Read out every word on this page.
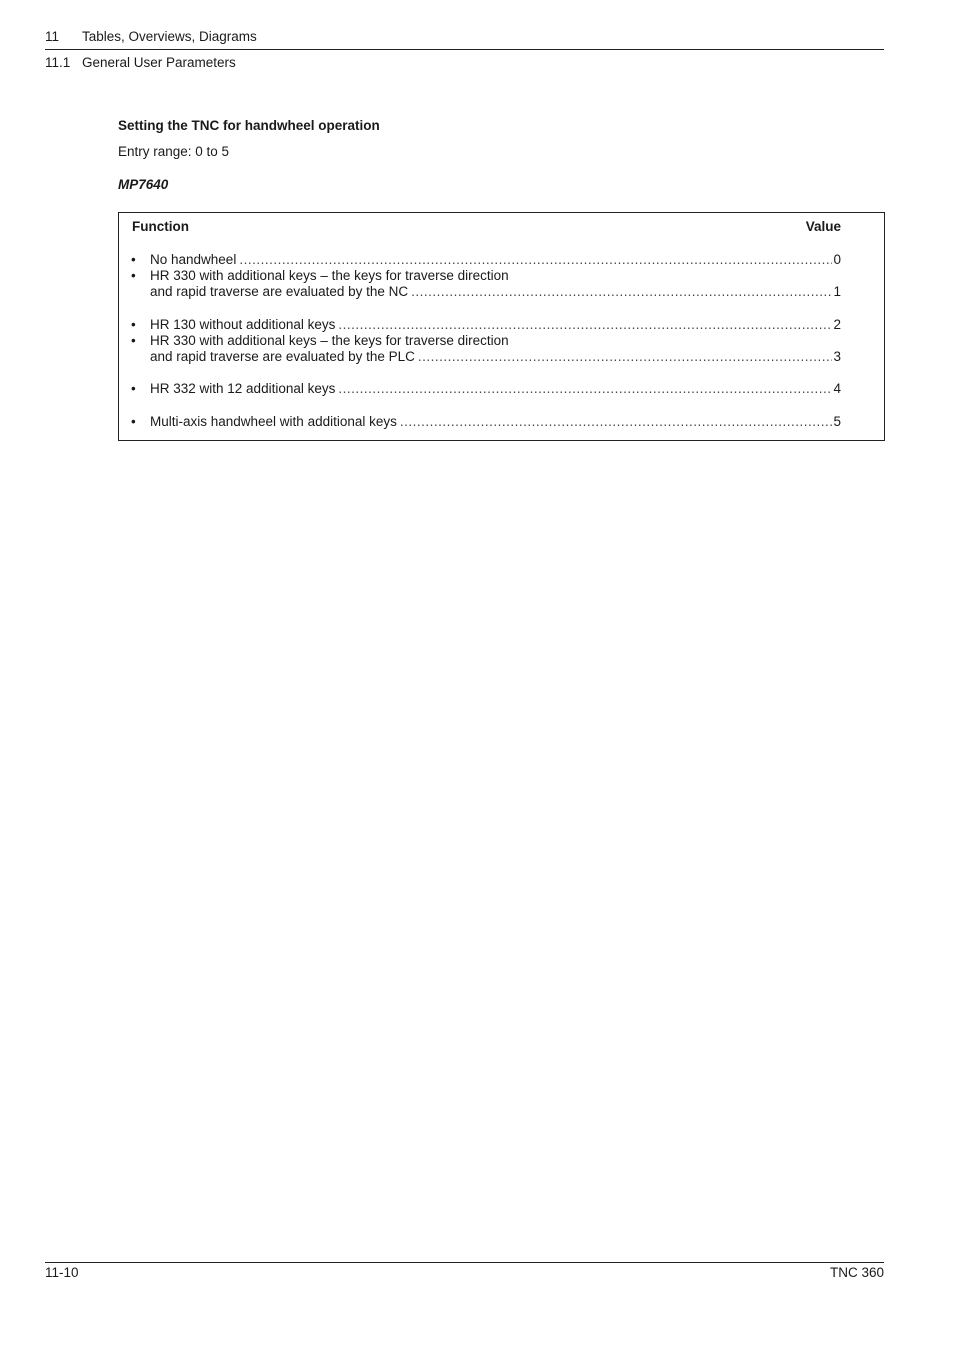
11 Tables, Overviews, Diagrams
11.1 General User Parameters
Setting the TNC for handwheel operation
Entry range: 0 to 5
MP7640
Function	Value
• No handwheel .....	0
• HR 330 with additional keys – the keys for traverse direction
and rapid traverse are evaluated by the NC .....	1
• HR 130 without additional keys .....	2
• HR 330 with additional keys – the keys for traverse direction
and rapid traverse are evaluated by the PLC .....	3
• HR 332 with 12 additional keys .....	4
• Multi-axis handwheel with additional keys .....	5
11-10	TNC 360
